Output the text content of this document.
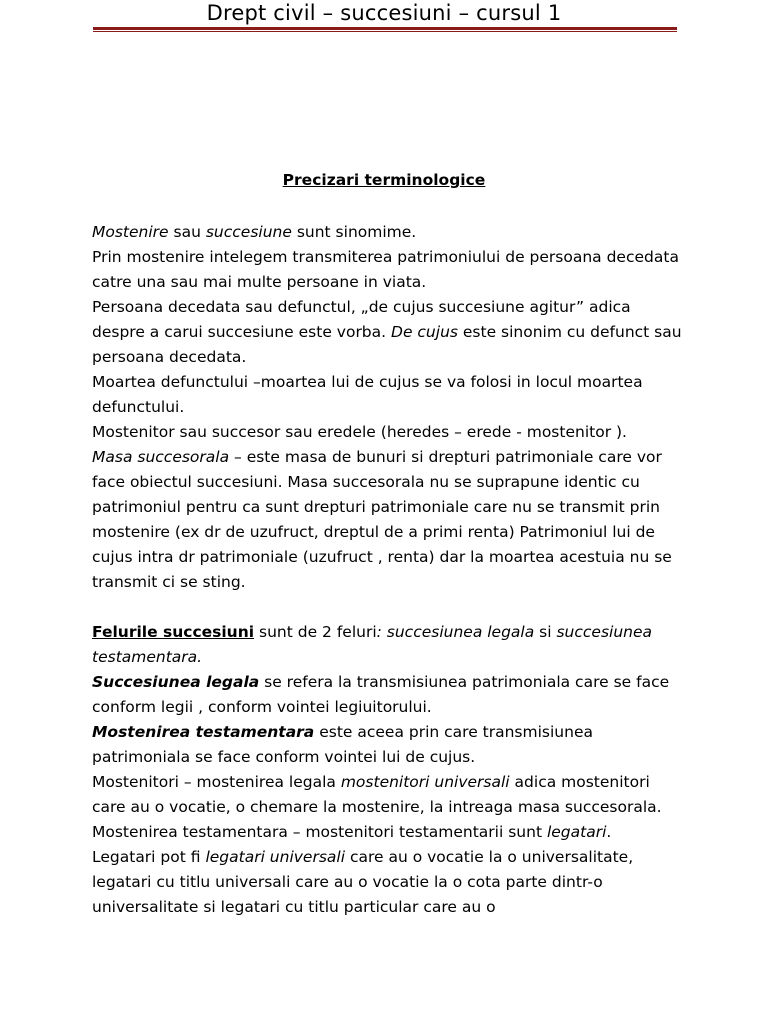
Drept civil – succesiuni – cursul 1
Precizari terminologice

Mostenire sau succesiune sunt sinomime.

Prin mostenire intelegem transmiterea patrimoniului de persoana decedata catre una sau mai multe persoane in viata.

Persoana decedata sau defunctul, „de cujus succesiune agitur” adica despre a carui succesiune este vorba. De cujus este sinonim cu defunct sau persoana decedata.

Moartea defunctului –moartea lui de cujus se va folosi in locul moartea defunctului.

Mostenitor sau succesor sau eredele (heredes – erede - mostenitor ).

Masa succesorala – este masa de bunuri si drepturi patrimoniale care vor face obiectul succesiuni. Masa succesorala nu se suprapune identic cu patrimoniul pentru ca sunt drepturi patrimoniale care nu se transmit prin mostenire (ex dr de uzufruct, dreptul de a primi renta) Patrimoniul lui de cujus intra dr patrimoniale (uzufruct , renta) dar la moartea acestuia nu se transmit ci se sting.

Felurile succesiuni sunt de 2 feluri: succesiunea legala si succesiunea testamentara.

Succesiunea legala se refera la transmisiunea patrimoniala care se face conform legii , conform vointei legiuitorului.

Mostenirea testamentara este aceea prin care transmisiunea patrimoniala se face conform vointei lui de cujus.

Mostenitori – mostenirea legala mostenitori universali adica mostenitori care au o vocatie, o chemare la mostenire, la intreaga masa succesorala.

Mostenirea testamentara – mostenitori testamentarii sunt legatari.

Legatari pot fi legatari universali care au o vocatie la o universalitate, legatari cu titlu universali care au o vocatie la o cota parte dintr-o universalitate si legatari cu titlu particular care au o
